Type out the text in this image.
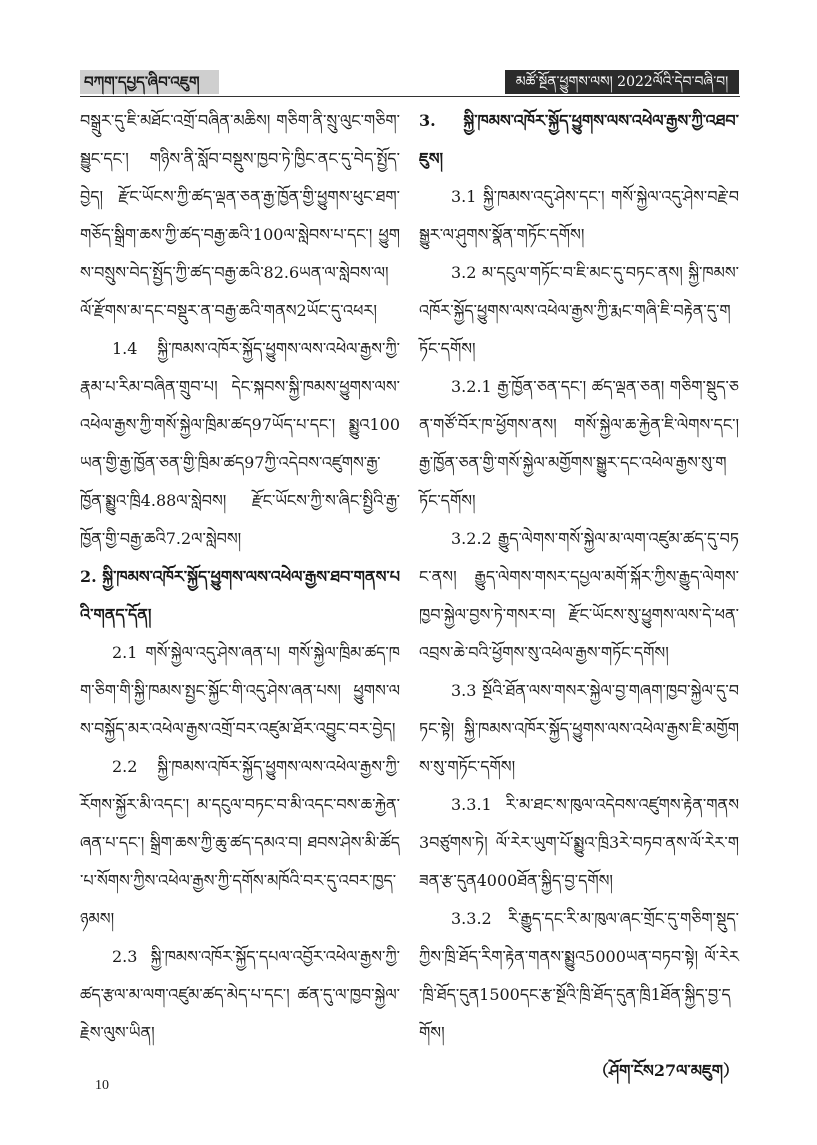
བཀག་དཔྱད་ཞིབ་འཇུག	མཚོ་སྔོན་ཕྱུགས་ལས། 2022ལོའི་དེབ་བཞི་བ།

བསྒྲུར་དུ་ཇི་མཐོང་འགྲོ་བཞིན་མཆིས། གཅིག་ནི་སྲུ་ལུང་གཅིག་སྦྱུང་དང་། གཉིས་ནི་སློབ་བསྡུས་ཁྱབ་ཏེ་ཁྱིང་ནང་དུ་བེད་སྤྱོད་བྱེད། རྫོང་ཡོངས་ཀྱི་ཚད་ལྡན་ཅན་རྒྱ་ཁྱོན་གྱི་ཕྱུགས་ཕུང་ཐག་གཅོད་སྒྲིག་ཆས་ཀྱི་ཚད་བརྒྱ་ཆའི་100ལ་སླེབས་པ་དང་། ཕྱུགས་བསྲུས་བེད་སྤྱོད་ཀྱི་ཚད་བརྒྱ་ཆའི་82.6ཡན་ལ་སླེབས་ལ། ལོ་རྫོགས་མ་དང་བསྡུར་ན་བརྒྱ་ཆའི་གནས2ཡོང་དུ་འཕར།

1.4 སྐྱི་ཁམས་འཁོར་སྐྱོད་ཕྱུགས་ལས་འཕེལ་རྒྱས་ཀྱི་རྣམ་པ་རིམ་བཞིན་གྲུབ་པ། དེང་སྐབས་སྐྱི་ཁམས་ཕྱུགས་ལས་འཕེལ་རྒྱས་ཀྱི་གསོ་སྐྱེལ་ཁྲིམ་ཚད97ཡོད་པ་དང་། སྨྱུའ100ཡན་གྱི་རྒྱ་ཁྱོན་ཅན་གྱི་ཁྲིམ་ཚད97ཀྱི་འདེབས་འཛུགས་རྒྱ་ཁྱོན་སྨྱུའ་ཁྲི4.88ལ་སླེབས། རྫོང་ཡོངས་ཀྱི་ས་ཞིང་སྤྱིའི་རྒྱ་ཁྱོན་གྱི་བརྒྱ་ཆའི7.2ལ་སླེབས།

2. སྐྱི་ཁམས་འཁོར་སྐྱོད་ཕྱུགས་ལས་འཕེལ་རྒྱས་ཐབ་གནས་པའི་གནད་དོན།

2.1 གསོ་སྐྱེལ་འདུ་ཤེས་ཞན་པ། གསོ་སྐྱེལ་ཁྲིམ་ཚད་ཁག་ཅིག་གི་སྐྱི་ཁམས་སྤྱང་སྐྱོང་གི་འདུ་ཤེས་ཞན་པས། ཕྱུགས་ལས་བསྐྱོད་མར་འཕེལ་རྒྱས་འགྲོ་བར་འཛུམ་ཐོར་འབྱུང་བར་བྱེད།

2.2 སྐྱི་ཁམས་འཁོར་སྐྱོད་ཕྱུགས་ལས་འཕེལ་རྒྱས་ཀྱི་རོགས་སྐྱོར་མི་འདང་། མ་དངུལ་བཏང་བ་མི་འདང་བས་ཆ་རྐྱེན་ཞན་པ་དང་། སྒྲིག་ཆས་ཀྱི་ཆུ་ཚད་དམའ་བ། ཐབས་ཤེས་མི་ཚོད་པ་སོགས་ཀྱིས་འཕེལ་རྒྱས་ཀྱི་དགོས་མཁོའི་བར་དུ་འབར་ཁྱད་ཉམས།

2.3 སྐྱི་ཁམས་འཁོར་སྐྱོད་དཔལ་འབྱོར་འཕེལ་རྒྱས་ཀྱི་ཚད་རྩལ་མ་ལག་འཛུམ་ཚད་མེད་པ་དང་། ཚན་དུ་ལ་ཁྱབ་སྐྱེལ་རྗེས་ལུས་ཡིན།

3. སྐྱི་ཁམས་འཁོར་སྐྱོད་ཕྱུགས་ལས་འཕེལ་རྒྱས་ཀྱི་འཐབ་ཇུས།

3.1 སྐྱི་ཁམས་འདུ་ཤེས་དང་། གསོ་སྐྱེལ་འདུ་ཤེས་བརྗེ་བསྒྱུར་ལ་ཤུགས་སྣོན་གཏོང་དགོས།

3.2 མ་དངུལ་གཏོང་བ་ཇི་མང་དུ་བཏང་ནས། སྐྱི་ཁམས་འཁོར་སྐྱོད་ཕྱུགས་ལས་འཕེལ་རྒྱས་ཀྱི་རྨང་གཞི་ཇི་བརྟེན་དུ་གཏོང་དགོས།

3.2.1 རྒྱ་ཁྱོན་ཅན་དང་། ཚད་ལྡན་ཅན། གཅིག་སྡུད་ཅན་གཙོ་བོར་ཁ་ཕྱོགས་ནས། གསོ་སྐྱེལ་ཆ་རྐྱེན་ཇི་ལེགས་དང་། རྒྱ་ཁྱོན་ཅན་གྱི་གསོ་སྐྱེལ་མགྱོགས་སྒྱུར་དང་འཕེལ་རྒྱས་སུ་གཏོང་དགོས།

3.2.2 རྒྱུད་ལེགས་གསོ་སྐྱེལ་མ་ལག་འཛུམ་ཚད་དུ་བཏང་ནས། རྒྱུད་ལེགས་གསར་དཔྱལ་མགོ་སྐོར་ཀྱིས་རྒྱུད་ལེགས་ཁྱབ་སྐྱེལ་བྱས་ཏེ་གསར་བ། རྫོང་ཡོངས་སུ་ཕྱུགས་ལས་དེ་ཕན་འབྲས་ཆེ་བའི་ཕྱོགས་སུ་འཕེལ་རྒྱས་གཏོང་དགོས།

3.3 སྔོའི་ཐོན་ལས་གསར་སྐྱེལ་བྱ་གཞག་ཁྱབ་སྐྱེལ་དུ་བཏང་སྟེ། སྐྱི་ཁམས་འཁོར་སྐྱོད་ཕྱུགས་ལས་འཕེལ་རྒྱས་ཇི་མགྱོགས་སུ་གཏོང་དགོས།

3.3.1 རི་མ་ཐང་ས་ཁུལ་འདེབས་འཛུགས་རྟེན་གནས3བཙུགས་ཏེ། ལོ་རེར་ཡུག་པོ་སྨྱུའ་ཁྲི3རེ་བཏབ་ནས་ལོ་རེར་གཟན་རྩ་དུན4000ཐོན་སྐྱིད་བྱ་དགོས།

3.3.2 རི་རྒྱུད་དང་རི་མ་ཁུལ་ཞང་གྲོང་དུ་གཅིག་སྡུད་ཀྱིས་ཁྲི་ཐོད་རིག་རྟེན་གནས་སྨྱུའ5000ཡན་བཏབ་སྟེ། ལོ་རེར་ཁྲི་ཐོད་དུན1500དང་རྩ་སྔོའི་ཁྲི་ཐོད་དུན་ཁྲི1ཐོན་སྐྱིད་བྱ་དགོས།

（ཤོག་ངོས27ལ་མཇུག）

10
